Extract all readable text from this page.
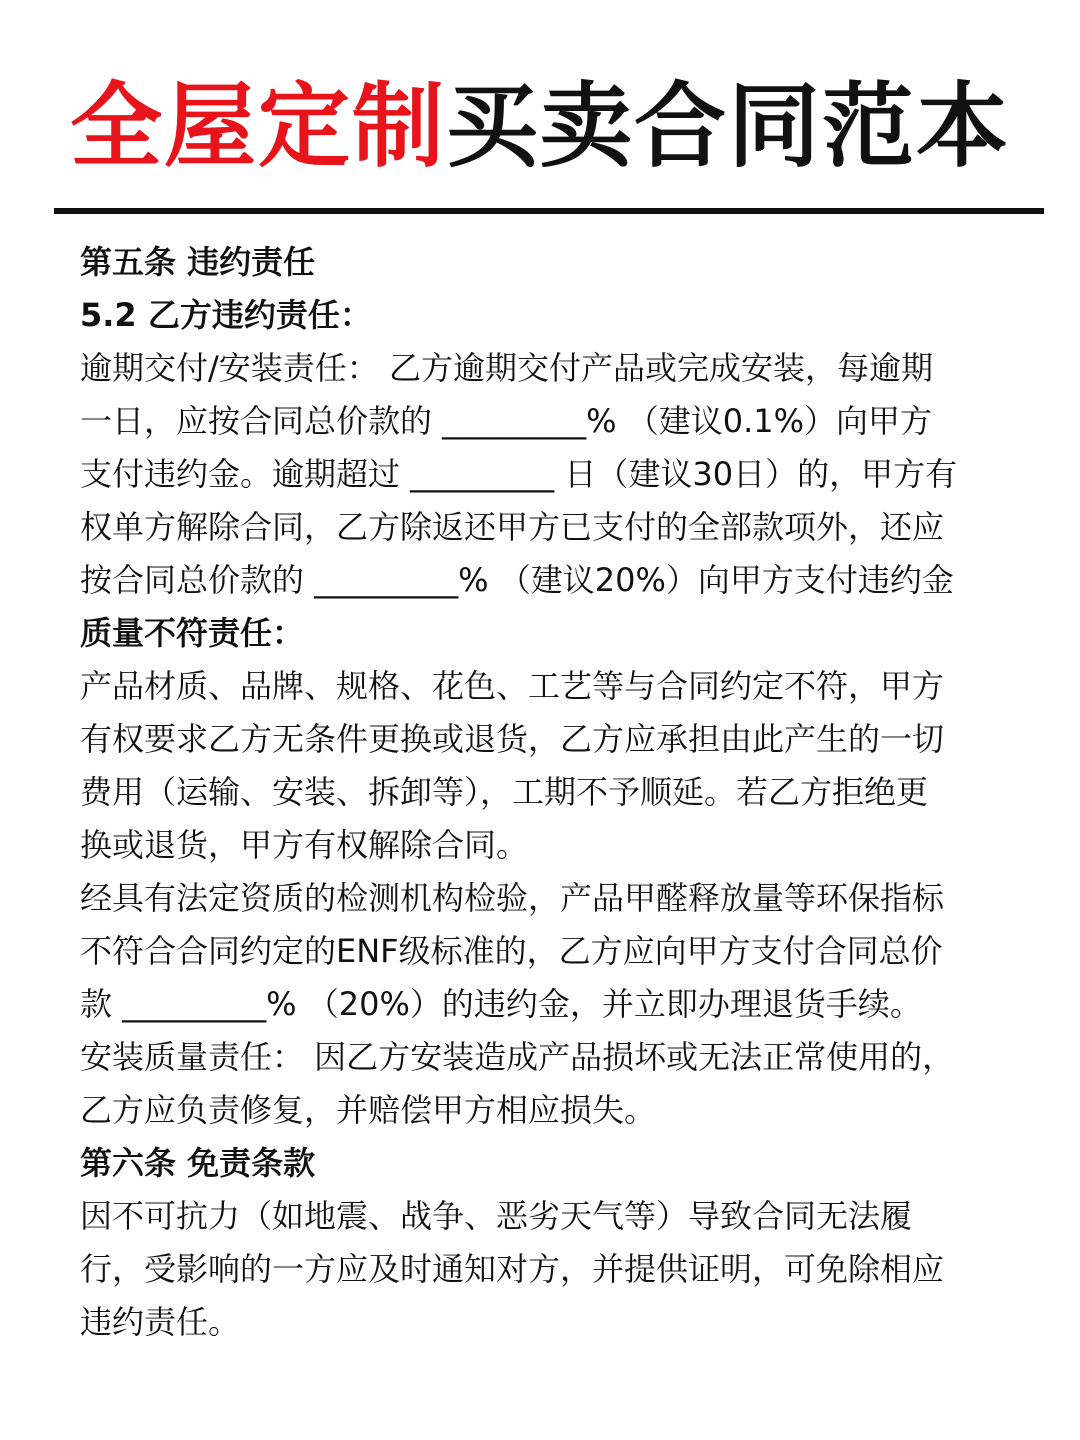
全屋定制买卖合同范本
第五条 违约责任
5.2 乙方违约责任：
逾期交付/安装责任： 乙方逾期交付产品或完成安装，每逾期
一日，应按合同总价款的 _________% （建议0.1%）向甲方
支付违约金。逾期超过 _________ 日（建议30日）的，甲方有
权单方解除合同，乙方除返还甲方已支付的全部款项外，还应
按合同总价款的 _________% （建议20%）向甲方支付违约金
质量不符责任：
产品材质、品牌、规格、花色、工艺等与合同约定不符，甲方
有权要求乙方无条件更换或退货，乙方应承担由此产生的一切
费用（运输、安装、拆卸等），工期不予顺延。若乙方拒绝更
换或退货，甲方有权解除合同。
经具有法定资质的检测机构检验，产品甲醛释放量等环保指标
不符合合同约定的ENF级标准的，乙方应向甲方支付合同总价
款 _________% （20%）的违约金，并立即办理退货手续。
安装质量责任： 因乙方安装造成产品损坏或无法正常使用的，
乙方应负责修复，并赔偿甲方相应损失。
第六条 免责条款
因不可抗力（如地震、战争、恶劣天气等）导致合同无法履
行，受影响的一方应及时通知对方，并提供证明，可免除相应
违约责任。
